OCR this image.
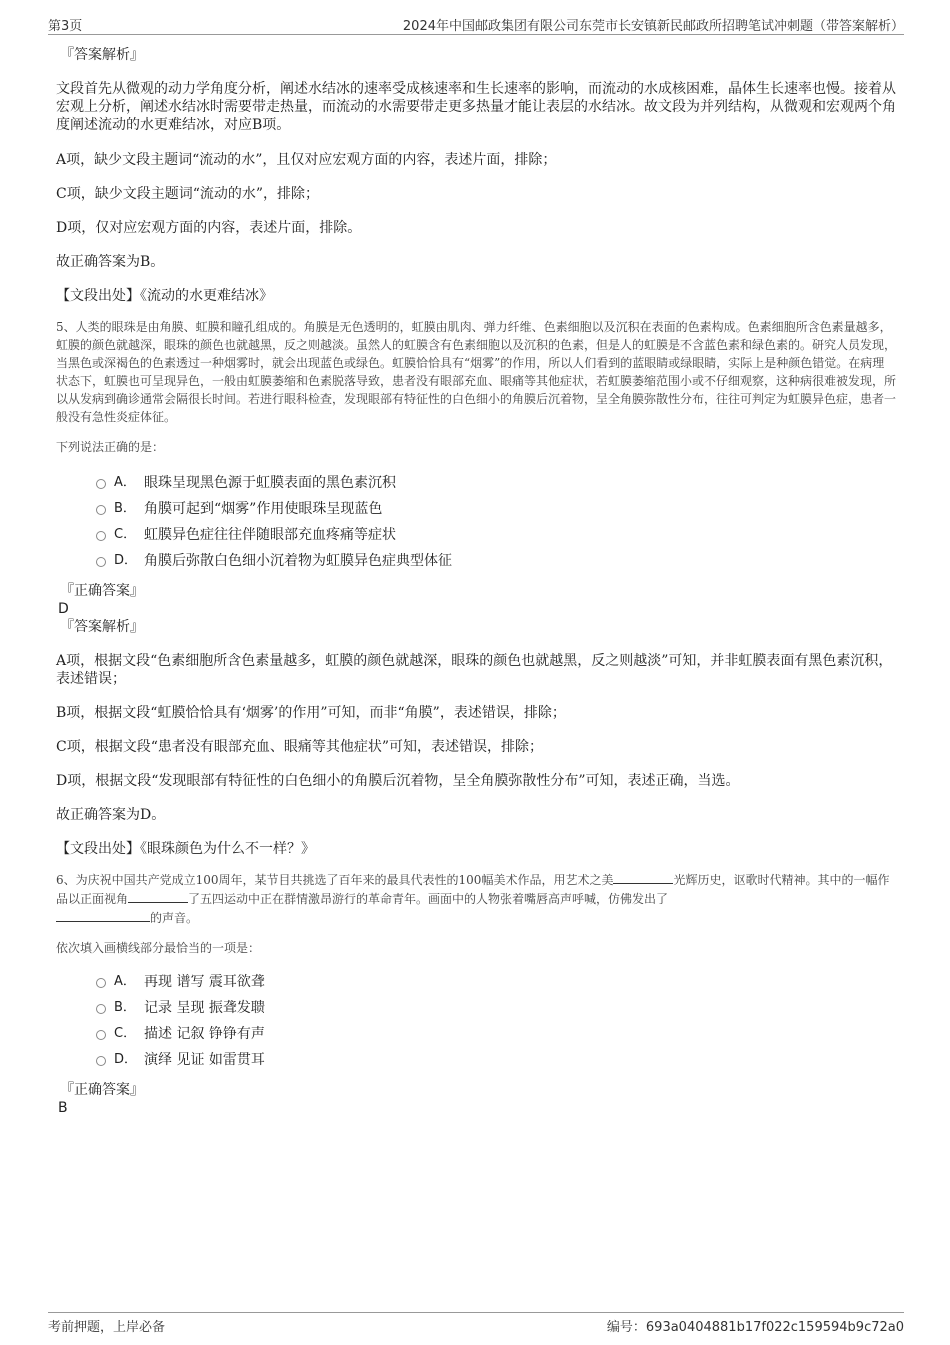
第3页	2024年中国邮政集团有限公司东莞市长安镇新民邮政所招聘笔试冲刺题（带答案解析）

『答案解析』

文段首先从微观的动力学角度分析，阐述水结冰的速率受成核速率和生长速率的影响，而流动的水成核困难，晶体生长速率也慢。接着从宏观上分析，阐述水结冰时需要带走热量，而流动的水需要带走更多热量才能让表层的水结冰。故文段为并列结构，从微观和宏观两个角度阐述流动的水更难结冰，对应B项。

A项，缺少文段主题词“流动的水”，且仅对应宏观方面的内容，表述片面，排除；

C项，缺少文段主题词“流动的水”，排除；

D项，仅对应宏观方面的内容，表述片面，排除。

故正确答案为B。

【文段出处】《流动的水更难结冰》

5、人类的眼珠是由角膜、虹膜和瞳孔组成的。角膜是无色透明的，虹膜由肌肉、弹力纤维、色素细胞以及沉积在表面的色素构成。色素细胞所含色素量越多，虹膜的颜色就越深，眼珠的颜色也就越黑，反之则越淡。虽然人的虹膜含有色素细胞以及沉积的色素，但是人的虹膜是不含蓝色素和绿色素的。研究人员发现，当黑色或深褐色的色素透过一种烟雾时，就会出现蓝色或绿色。虹膜恰恰具有“烟雾”的作用，所以人们看到的蓝眼睛或绿眼睛，实际上是种颜色错觉。在病理状态下，虹膜也可呈现异色，一般由虹膜萎缩和色素脱落导致，患者没有眼部充血、眼痛等其他症状，若虹膜萎缩范围小或不仔细观察，这种病很难被发现，所以从发病到确诊通常会隔很长时间。若进行眼科检查，发现眼部有特征性的白色细小的角膜后沉着物，呈全角膜弥散性分布，往往可判定为虹膜异色症，患者一般没有急性炎症体征。

下列说法正确的是：

A． 眼珠呈现黑色源于虹膜表面的黑色素沉积
B． 角膜可起到“烟雾”作用使眼珠呈现蓝色
C． 虹膜异色症往往伴随眼部充血疼痛等症状
D． 角膜后弥散白色细小沉着物为虹膜异色症典型体征

『正确答案』

D

『答案解析』

A项，根据文段“色素细胞所含色素量越多，虹膜的颜色就越深，眼珠的颜色也就越黑，反之则越淡”可知，并非虹膜表面有黑色素沉积，表述错误；

B项，根据文段“虹膜恰恰具有‘烟雾’的作用”可知，而非“角膜”，表述错误，排除；

C项，根据文段“患者没有眼部充血、眼痛等其他症状”可知，表述错误，排除；

D项，根据文段“发现眼部有特征性的白色细小的角膜后沉着物，呈全角膜弥散性分布”可知，表述正确，当选。

故正确答案为D。

【文段出处】《眼珠颜色为什么不一样？》

6、为庆祝中国共产党成立100周年，某节目共挑选了百年来的最具代表性的100幅美术作品，用艺术之美	光辉历史，讴歌时代精神。其中的一幅作品以正面视角	了五四运动中正在群情激昂游行的革命青年。画面中的人物张着嘴唇高声呼喊，仿佛发出了
的声音。

依次填入画横线部分最恰当的一项是：

A． 再现 谱写 震耳欲聋
B． 记录 呈现 振聋发聩
C． 描述 记叙 铮铮有声
D． 演绎 见证 如雷贯耳

『正确答案』

B

考前押题，上岸必备	编号：693a0404881b17f022c159594b9c72a0
